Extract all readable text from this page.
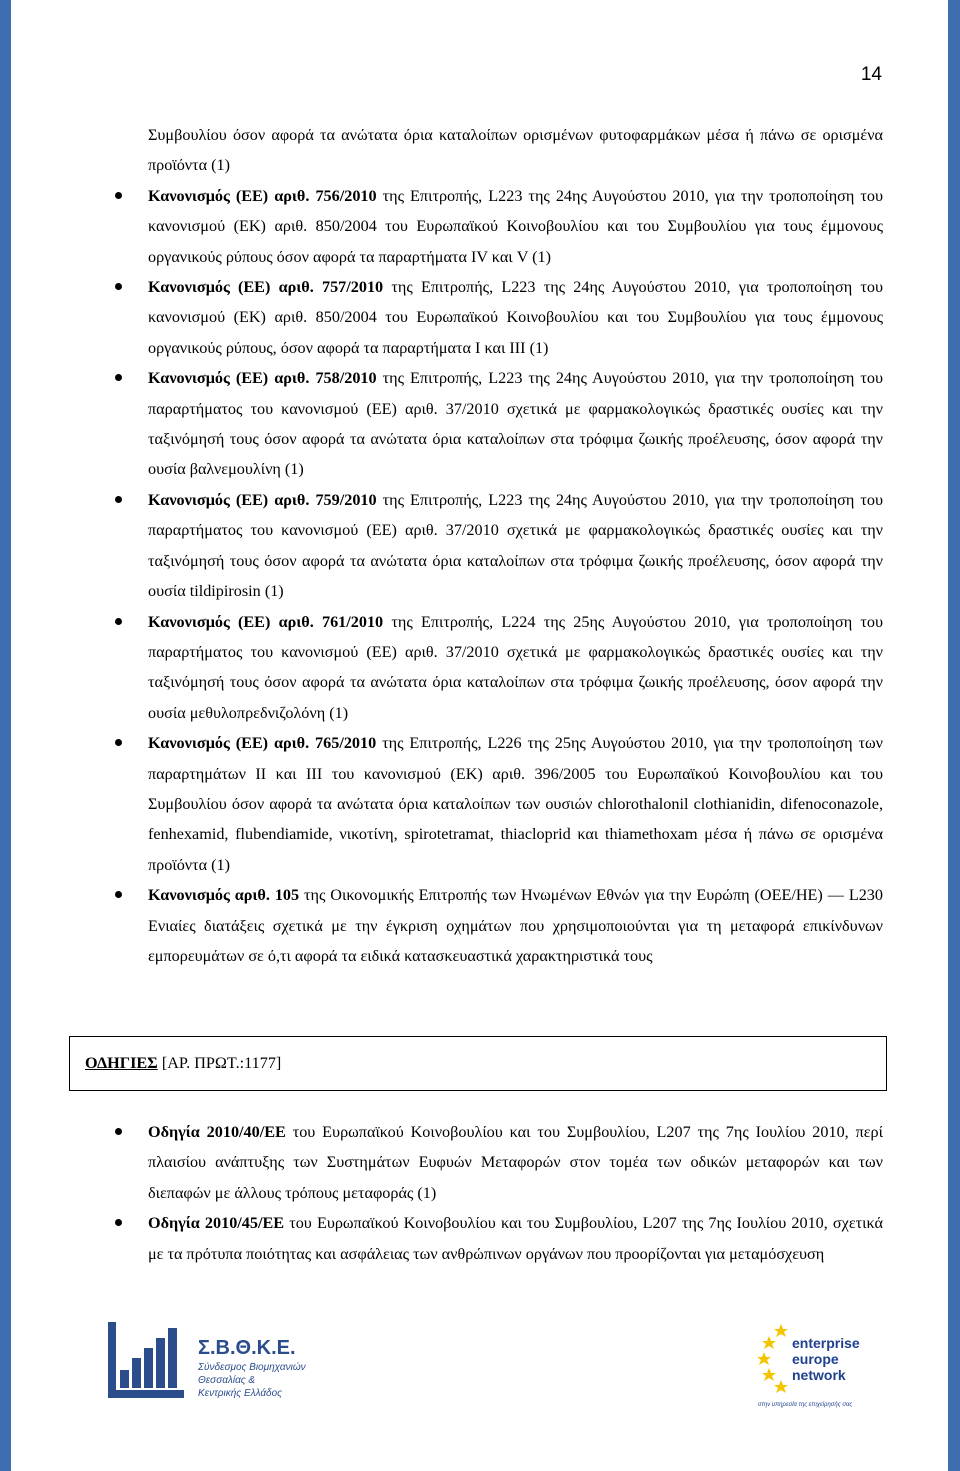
14
Συμβουλίου όσον αφορά τα ανώτατα όρια καταλοίπων ορισμένων φυτοφαρμάκων μέσα ή πάνω σε ορισμένα προϊόντα (1)
Κανονισμός (ΕΕ) αριθ. 756/2010 της Επιτροπής, L223 της 24ης Αυγούστου 2010, για την τροποποίηση του κανονισμού (ΕΚ) αριθ. 850/2004 του Ευρωπαϊκού Κοινοβουλίου και του Συμβουλίου για τους έμμονους οργανικούς ρύπους όσον αφορά τα παραρτήματα IV και V (1)
Κανονισμός (ΕΕ) αριθ. 757/2010 της Επιτροπής, L223 της 24ης Αυγούστου 2010, για τροποποίηση του κανονισμού (ΕΚ) αριθ. 850/2004 του Ευρωπαϊκού Κοινοβουλίου και του Συμβουλίου για τους έμμονους οργανικούς ρύπους, όσον αφορά τα παραρτήματα I και III (1)
Κανονισμός (ΕΕ) αριθ. 758/2010 της Επιτροπής, L223 της 24ης Αυγούστου 2010, για την τροποποίηση του παραρτήματος του κανονισμού (ΕΕ) αριθ. 37/2010 σχετικά με φαρμακολογικώς δραστικές ουσίες και την ταξινόμησή τους όσον αφορά τα ανώτατα όρια καταλοίπων στα τρόφιμα ζωικής προέλευσης, όσον αφορά την ουσία βαλνεμουλίνη (1)
Κανονισμός (ΕΕ) αριθ. 759/2010 της Επιτροπής, L223 της 24ης Αυγούστου 2010, για την τροποποίηση του παραρτήματος του κανονισμού (ΕΕ) αριθ. 37/2010 σχετικά με φαρμακολογικώς δραστικές ουσίες και την ταξινόμησή τους όσον αφορά τα ανώτατα όρια καταλοίπων στα τρόφιμα ζωικής προέλευσης, όσον αφορά την ουσία tildipirosin (1)
Κανονισμός (ΕΕ) αριθ. 761/2010 της Επιτροπής, L224 της 25ης Αυγούστου 2010, για τροποποίηση του παραρτήματος του κανονισμού (ΕΕ) αριθ. 37/2010 σχετικά με φαρμακολογικώς δραστικές ουσίες και την ταξινόμησή τους όσον αφορά τα ανώτατα όρια καταλοίπων στα τρόφιμα ζωικής προέλευσης, όσον αφορά την ουσία μεθυλοπρεδνιζολόνη (1)
Κανονισμός (ΕΕ) αριθ. 765/2010 της Επιτροπής, L226 της 25ης Αυγούστου 2010, για την τροποποίηση των παραρτημάτων II και III του κανονισμού (ΕΚ) αριθ. 396/2005 του Ευρωπαϊκού Κοινοβουλίου και του Συμβουλίου όσον αφορά τα ανώτατα όρια καταλοίπων των ουσιών chlorothalonil clothianidin, difenoconazole, fenhexamid, flubendiamide, νικοτίνη, spirotetramat, thiacloprid και thiamethoxam μέσα ή πάνω σε ορισμένα προϊόντα (1)
Κανονισμός αριθ. 105 της Οικονομικής Επιτροπής των Ηνωμένων Εθνών για την Ευρώπη (ΟΕΕ/ΗΕ) — L230 Ενιαίες διατάξεις σχετικά με την έγκριση οχημάτων που χρησιμοποιούνται για τη μεταφορά επικίνδυνων εμπορευμάτων σε ό,τι αφορά τα ειδικά κατασκευαστικά χαρακτηριστικά τους
ΟΔΗΓΙΕΣ [ΑΡ. ΠΡΩΤ.:1177]
Οδηγία 2010/40/ΕΕ του Ευρωπαϊκού Κοινοβουλίου και του Συμβουλίου, L207 της 7ης Ιουλίου 2010, περί πλαισίου ανάπτυξης των Συστημάτων Ευφυών Μεταφορών στον τομέα των οδικών μεταφορών και των διεπαφών με άλλους τρόπους μεταφοράς (1)
Οδηγία 2010/45/ΕΕ του Ευρωπαϊκού Κοινοβουλίου και του Συμβουλίου, L207 της 7ης Ιουλίου 2010, σχετικά με τα πρότυπα ποιότητας και ασφάλειας των ανθρώπινων οργάνων που προορίζονται για μεταμόσχευση
Σ.Β.Θ.Κ.Ε.
Σύνδεσμος Βιομηχανιών
Θεσσαλίας &
Κεντρικής Ελλάδος
enterprise
europe
network
στην υπηρεσία της επιχείρησής σας
